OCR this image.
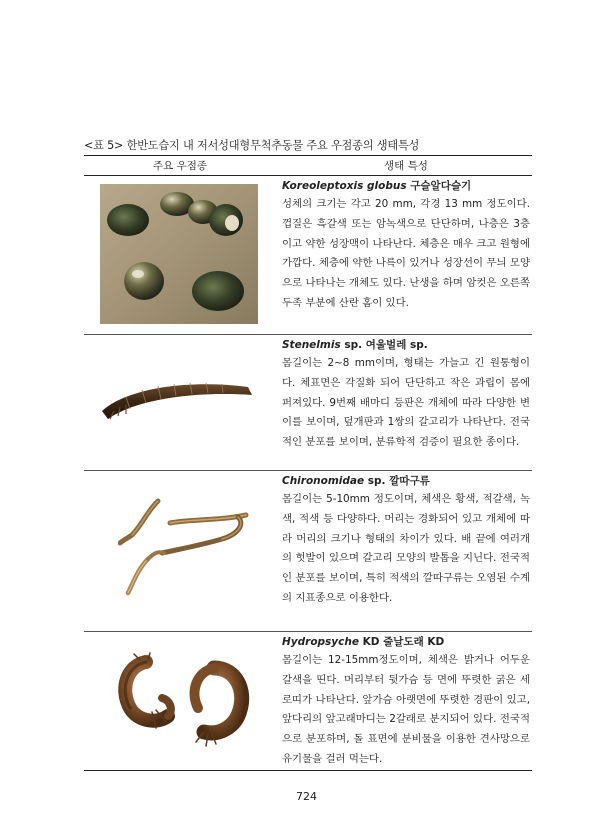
<표 5> 한반도습지 내 저서성대형무척추동물 주요 우점종의 생태특성
주요 우점종	생태 특성
Koreoleptoxis globus 구슬알다슬기
성체의 크기는 각고 20 mm, 각경 13 mm 정도이다. 껍질은 흑갈색 또는 암녹색으로 단단하며, 나층은 3층이고 약한 성장맥이 나타난다. 체층은 매우 크고 원형에 가깝다. 체층에 약한 나륵이 있거나 성장선이 무늬 모양으로 나타나는 개체도 있다. 난생을 하며 암컷은 오른쪽 두족 부분에 산란 홈이 있다.
Stenelmis sp. 여울벌레 sp.
몸길이는 2~8 mm이며, 형태는 가늘고 긴 원통형이다. 체표면은 각질화 되어 단단하고 작은 과립이 몸에 퍼져있다. 9번째 배마디 등판은 개체에 따라 다양한 변이를 보이며, 덮개판과 1쌍의 갈고리가 나타난다. 전국적인 분포를 보이며, 분류학적 검증이 필요한 종이다.
Chironomidae sp. 깔따구류
몸길이는 5-10mm 정도이며, 체색은 황색, 적갈색, 녹색, 적색 등 다양하다. 머리는 경화되어 있고 개체에 따라 머리의 크기나 형태의 차이가 있다. 배 끝에 여러개의 헛발이 있으며 갈고리 모양의 발톱을 지닌다. 전국적인 분포를 보이며, 특히 적색의 깔따구류는 오염된 수계의 지표종으로 이용한다.
Hydropsyche KD 줄날도래 KD
몸길이는 12-15mm정도이며, 체색은 밝거나 어두운 갈색을 띤다. 머리부터 뒷가슴 등 면에 뚜렷한 굵은 세로띠가 나타난다. 앞가슴 아랫면에 뚜렷한 경판이 있고, 앞다리의 앞고래마디는 2갈래로 분지되어 있다. 전국적으로 분포하며, 돌 표면에 분비물을 이용한 견사망으로 유기물을 걸러 먹는다.
724
